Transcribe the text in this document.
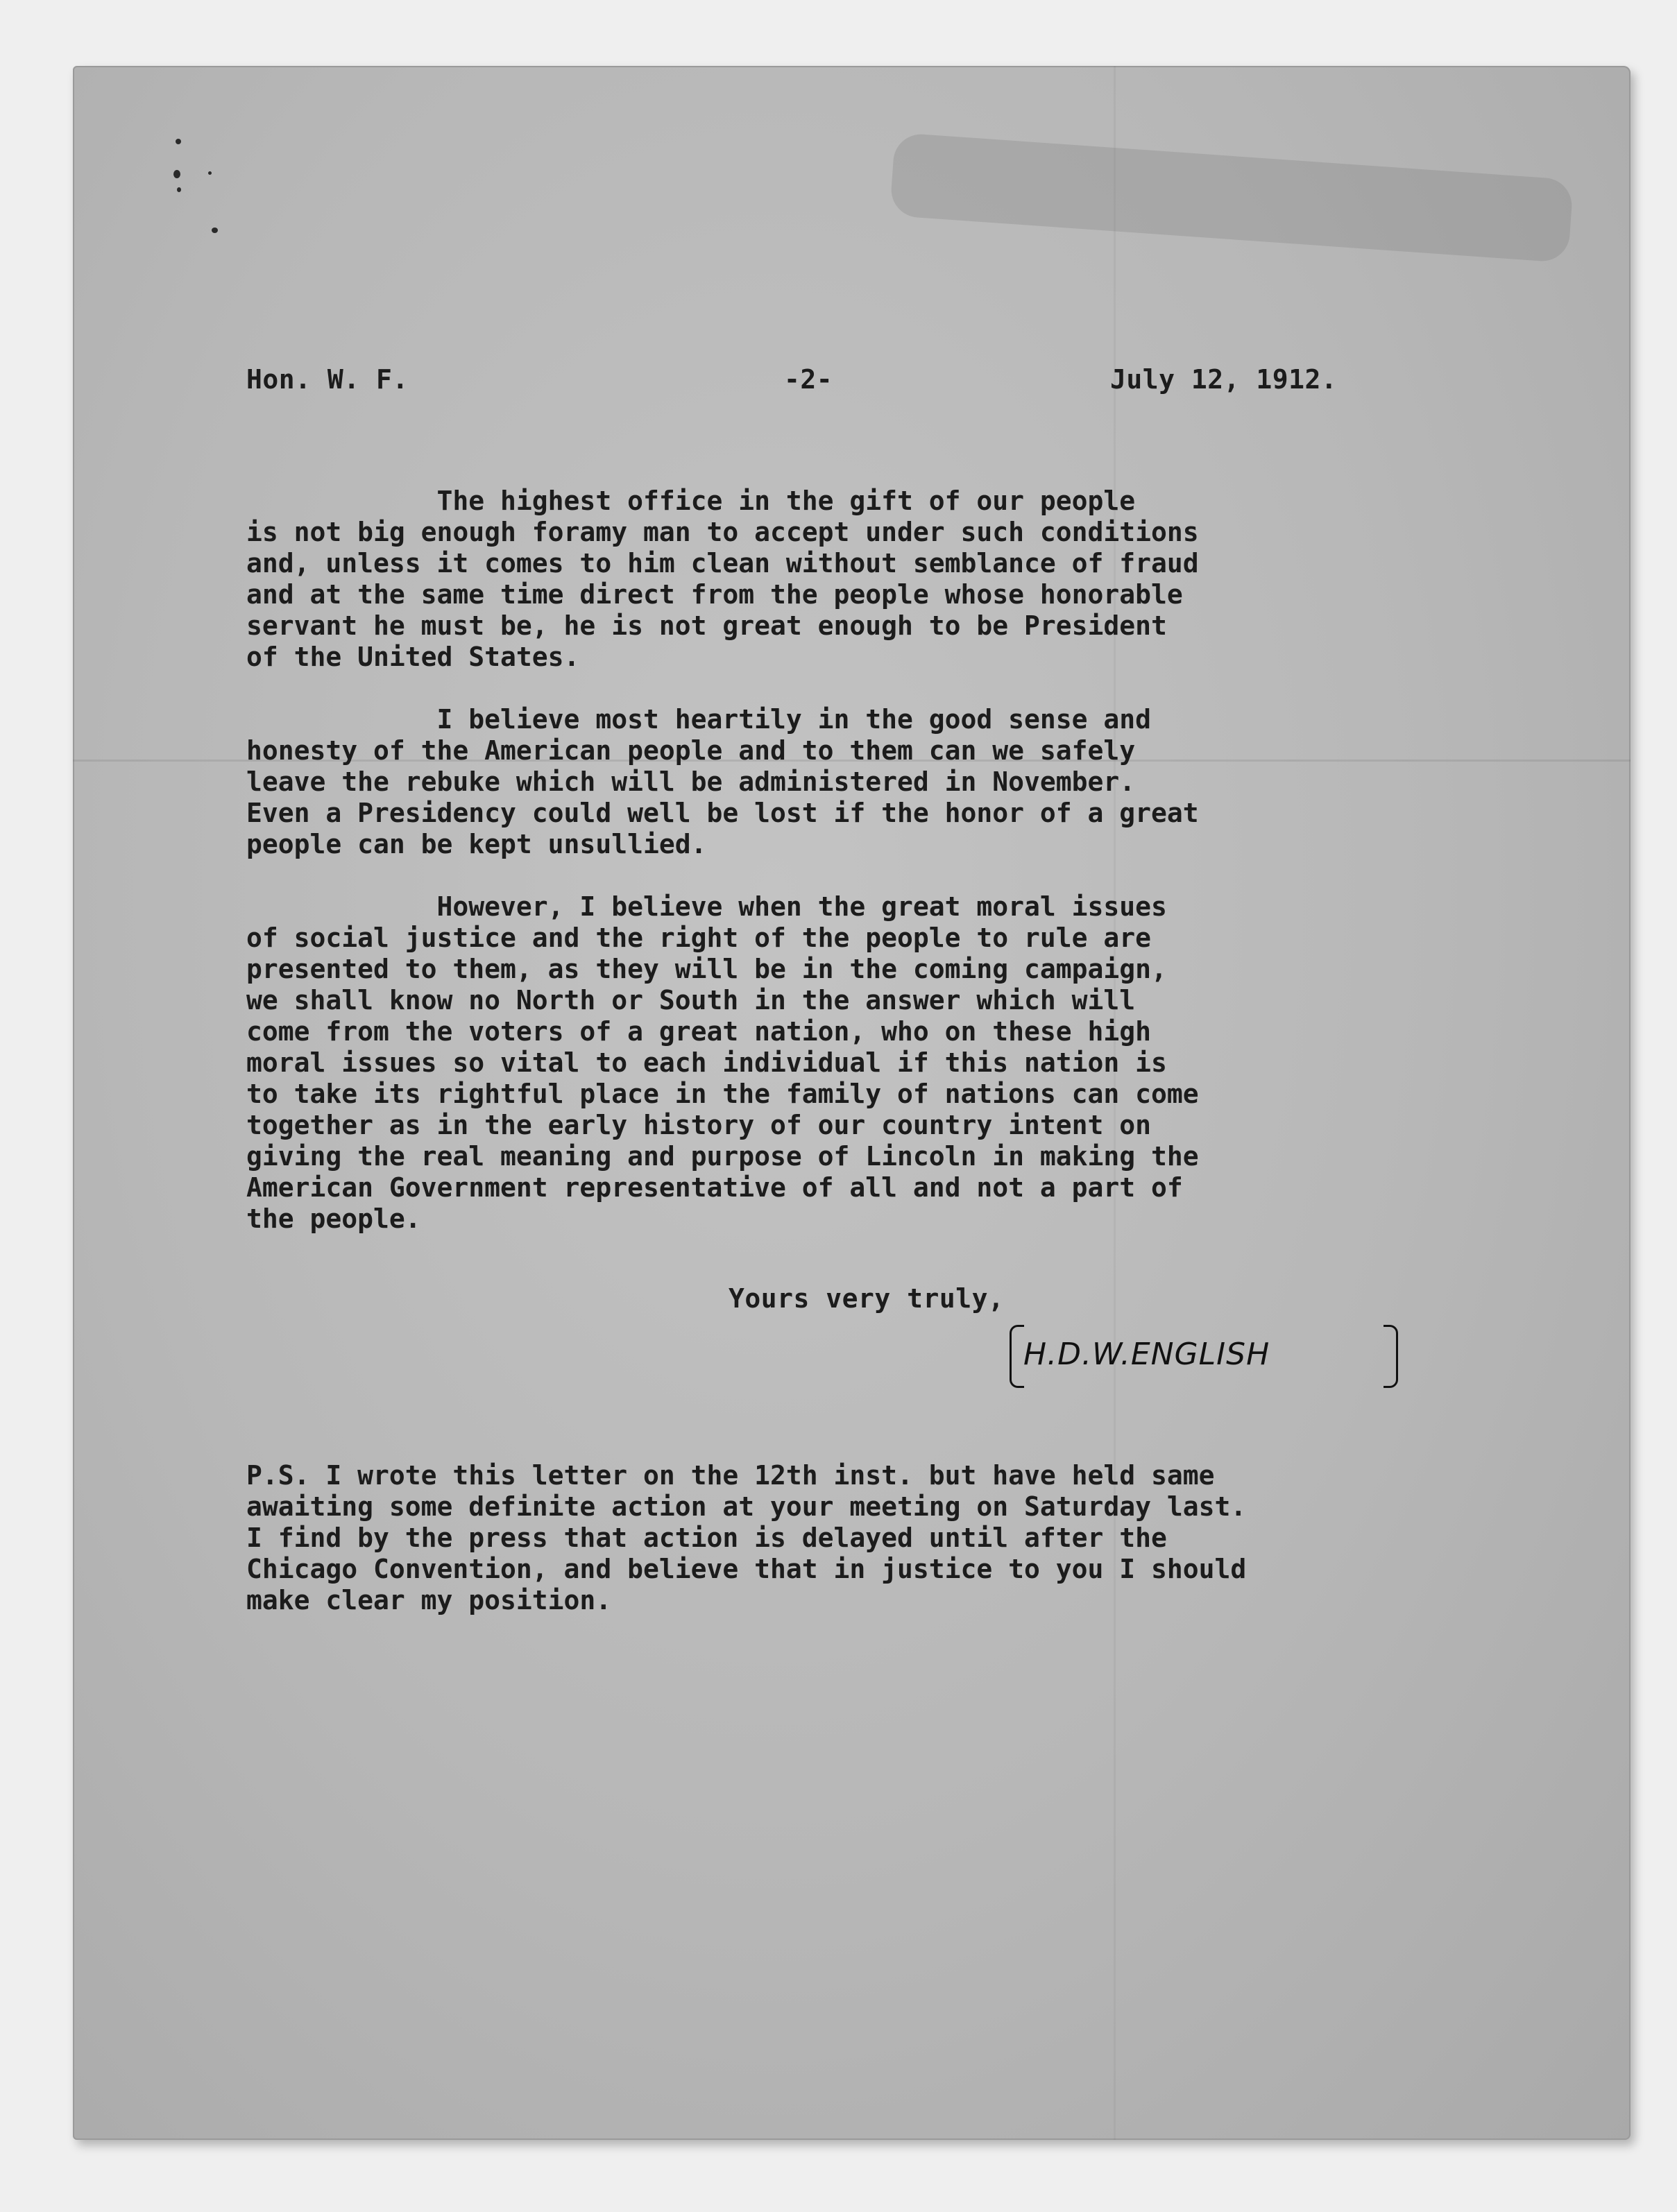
Hon. W. F.	-2-	July 12, 1912.
The highest office in the gift of our people
is not big enough foramy man to accept under such conditions
and, unless it comes to him clean without semblance of fraud
and at the same time direct from the people whose honorable
servant he must be, he is not great enough to be President
of the United States.
I believe most heartily in the good sense and
honesty of the American people and to them can we safely
leave the rebuke which will be administered in November.
Even a Presidency could well be lost if the honor of a great
people can be kept unsullied.
However, I believe when the great moral issues
of social justice and the right of the people to rule are
presented to them, as they will be in the coming campaign,
we shall know no North or South in the answer which will
come from the voters of a great nation, who on these high
moral issues so vital to each individual if this nation is
to take its rightful place in the family of nations can come
together as in the early history of our country intent on
giving the real meaning and purpose of Lincoln in making the
American Government representative of all and not a part of
the people.
Yours very truly,
H.D.W.ENGLISH
P.S. I wrote this letter on the 12th inst. but have held same
awaiting some definite action at your meeting on Saturday last.
I find by the press that action is delayed until after the
Chicago Convention, and believe that in justice to you I should
make clear my position.
